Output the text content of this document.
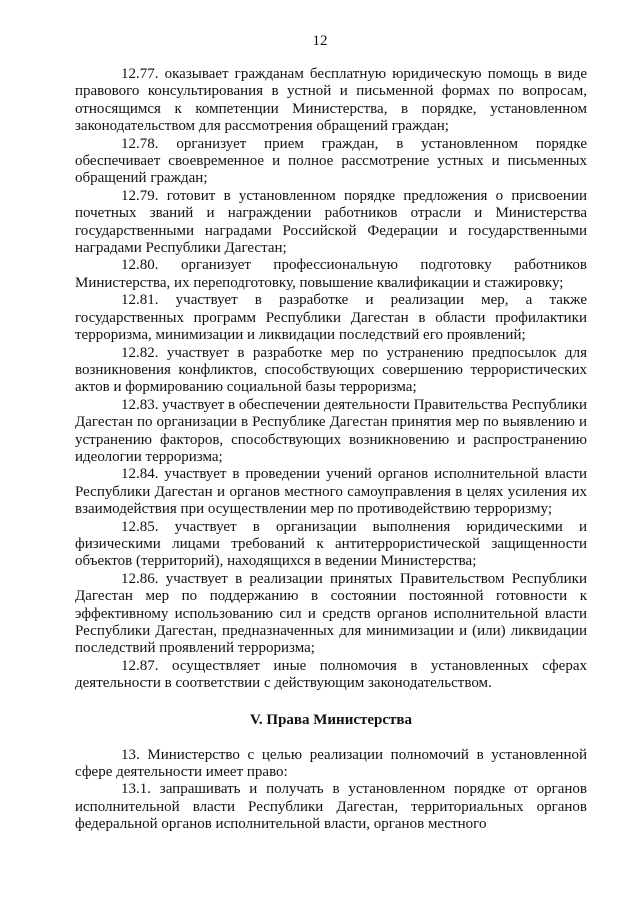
12

12.77. оказывает гражданам бесплатную юридическую помощь в виде правового консультирования в устной и письменной формах по вопросам, относящимся к компетенции Министерства, в порядке, установленном законодательством для рассмотрения обращений граждан;

12.78. организует прием граждан, в установленном порядке обеспечивает своевременное и полное рассмотрение устных и письменных обращений граждан;

12.79. готовит в установленном порядке предложения о присвоении почетных званий и награждении работников отрасли и Министерства государственными наградами Российской Федерации и государственными наградами Республики Дагестан;

12.80. организует профессиональную подготовку работников Министерства, их переподготовку, повышение квалификации и стажировку;

12.81. участвует в разработке и реализации мер, а также государственных программ Республики Дагестан в области профилактики терроризма, минимизации и ликвидации последствий его проявлений;

12.82. участвует в разработке мер по устранению предпосылок для возникновения конфликтов, способствующих совершению террористических актов и формированию социальной базы терроризма;

12.83. участвует в обеспечении деятельности Правительства Республики Дагестан по организации в Республике Дагестан принятия мер по выявлению и устранению факторов, способствующих возникновению и распространению идеологии терроризма;

12.84. участвует в проведении учений органов исполнительной власти Республики Дагестан и органов местного самоуправления в целях усиления их взаимодействия при осуществлении мер по противодействию терроризму;

12.85. участвует в организации выполнения юридическими и физическими лицами требований к антитеррористической защищенности объектов (территорий), находящихся в ведении Министерства;

12.86. участвует в реализации принятых Правительством Республики Дагестан мер по поддержанию в состоянии постоянной готовности к эффективному использованию сил и средств органов исполнительной власти Республики Дагестан, предназначенных для минимизации и (или) ликвидации последствий проявлений терроризма;

12.87. осуществляет иные полномочия в установленных сферах деятельности в соответствии с действующим законодательством.

V. Права Министерства

13. Министерство с целью реализации полномочий в установленной сфере деятельности имеет право:

13.1. запрашивать и получать в установленном порядке от органов исполнительной власти Республики Дагестан, территориальных органов федеральной органов исполнительной власти, органов местного
